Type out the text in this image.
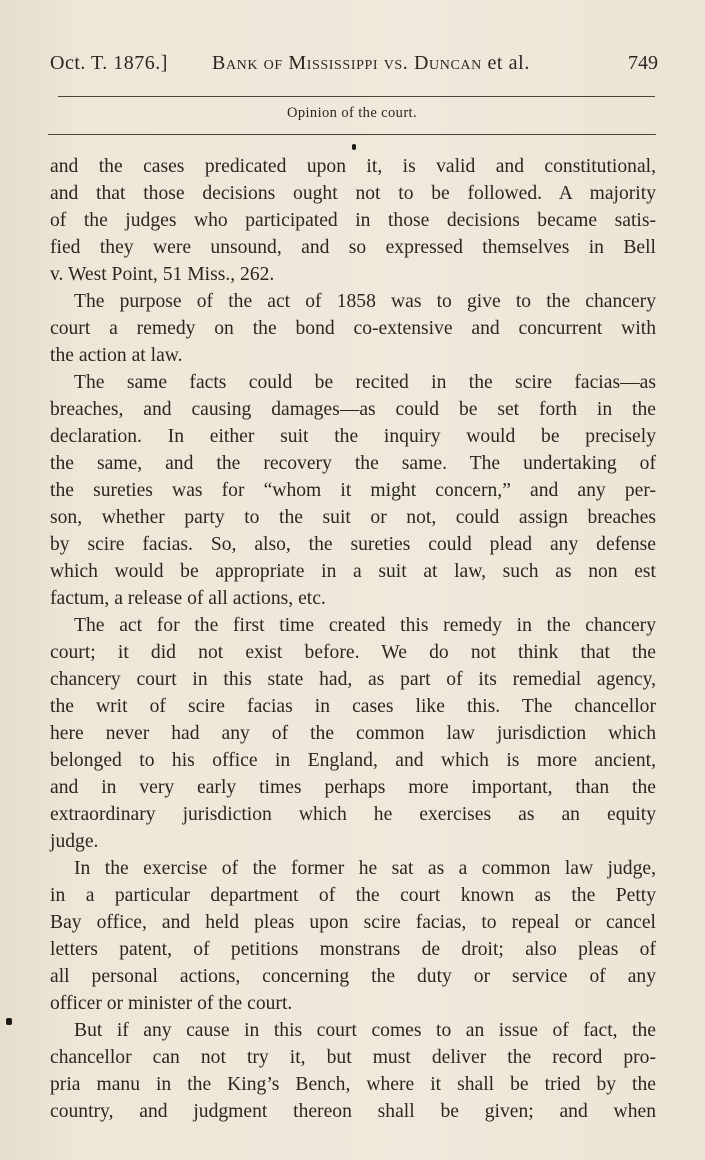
Oct. T. 1876.] Bank of Mississippi vs. Duncan et al.	749
Opinion of the court.
and the cases predicated upon it, is valid and constitutional,
and that those decisions ought not to be followed. A majority
of the judges who participated in those decisions became satis-
fied they were unsound, and so expressed themselves in Bell
v. West Point, 51 Miss., 262.
The purpose of the act of 1858 was to give to the chancery
court a remedy on the bond co-extensive and concurrent with
the action at law.
The same facts could be recited in the scire facias—as
breaches, and causing damages—as could be set forth in the
declaration. In either suit the inquiry would be precisely
the same, and the recovery the same. The undertaking of
the sureties was for “whom it might concern,” and any per-
son, whether party to the suit or not, could assign breaches
by scire facias. So, also, the sureties could plead any defense
which would be appropriate in a suit at law, such as non est
factum, a release of all actions, etc.
The act for the first time created this remedy in the chancery
court; it did not exist before. We do not think that the
chancery court in this state had, as part of its remedial agency,
the writ of scire facias in cases like this. The chancellor
here never had any of the common law jurisdiction which
belonged to his office in England, and which is more ancient,
and in very early times perhaps more important, than the
extraordinary jurisdiction which he exercises as an equity
judge.
In the exercise of the former he sat as a common law judge,
in a particular department of the court known as the Petty
Bay office, and held pleas upon scire facias, to repeal or cancel
letters patent, of petitions monstrans de droit; also pleas of
all personal actions, concerning the duty or service of any
officer or minister of the court.
But if any cause in this court comes to an issue of fact, the
chancellor can not try it, but must deliver the record pro-
pria manu in the King’s Bench, where it shall be tried by the
country, and judgment thereon shall be given; and when
